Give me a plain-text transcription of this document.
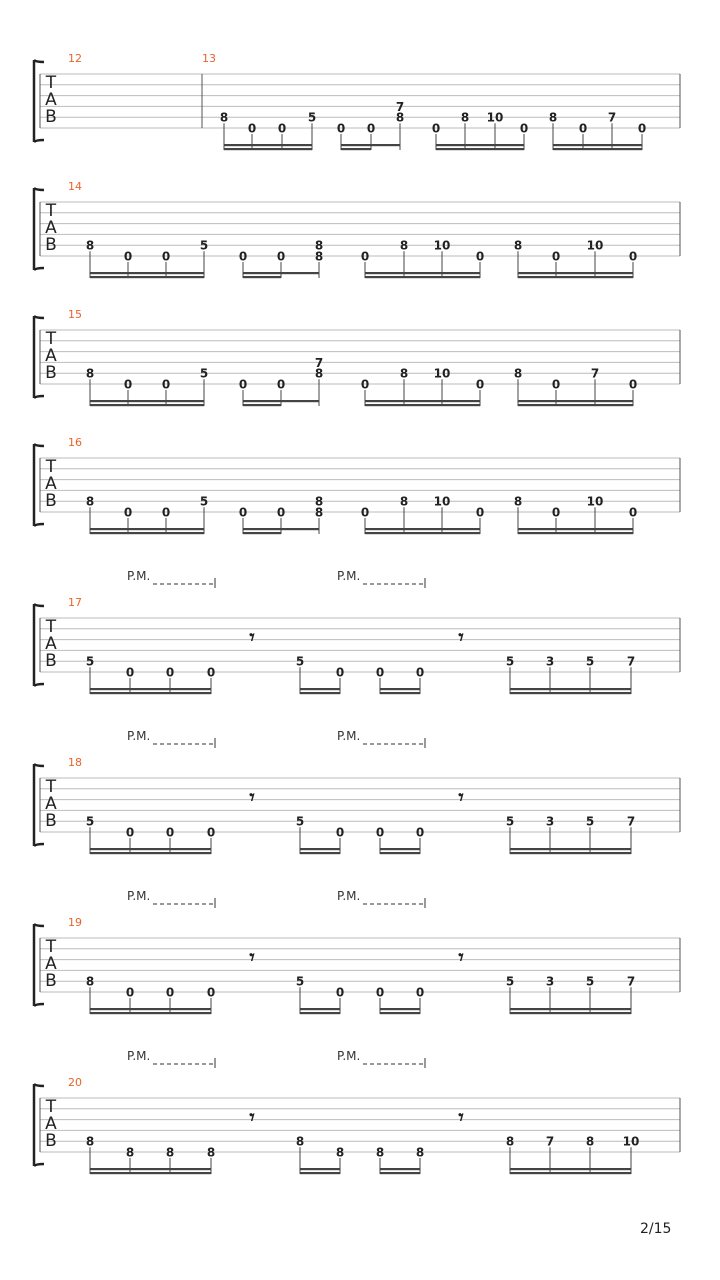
T
A
B
12	13
8
0 0
5
0 0
7
8
0
8 10
0
8
0
7
0
T
A
B
14
8
0 0
5
0 0
8
8	0
8 10
0
8
0
10
0
T
A
B
15
8
0 0
5
0 0
7
8
0
8 10
0
8
0
7
0
T
A
B
16
8
0 0
5
0 0
8
8	0
8 10
0
8
0
10
0
T
A
B
17
P.M.	P.M.
5
0	0	0
𝄾
5
0	0	0
𝄾
5	3	5	7
T
A
B
18
P.M.	P.M.
5
0	0	0
𝄾
5
0	0	0
𝄾
5	3	5	7
T
A
B
19
P.M.	P.M.
8
0	0	0
𝄾
5
0	0	0
𝄾
5	3	5	7
T
A
B
20
P.M.	P.M.
8
8	8	8
𝄾
8
8	8	8
𝄾
8	7	8 10
2/15
